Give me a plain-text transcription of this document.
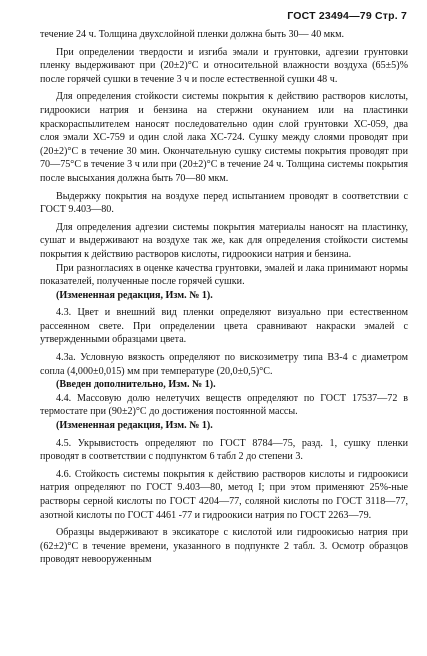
ГОСТ 23494—79 Стр. 7

течение 24 ч. Толщина двухслойной пленки должна быть 30— 40 мкм.

При определении твердости и изгиба эмали и грунтовки, адгезии грунтовки пленку выдерживают при (20±2)°С и относительной влажности воздуха (65±5)% после горячей сушки в течение 3 ч и после естественной сушки 48 ч.

Для определения стойкости системы покрытия к действию растворов кислоты, гидроокиси натрия и бензина на стержни окунанием или на пластинки краскораспылителем наносят последовательно один слой грунтовки ХС-059, два слоя эмали ХС-759 и один слой лака ХС-724. Сушку между слоями проводят при (20±2)°С в течение 30 мин. Окончательную сушку системы покрытия проводят при 70—75°С в течение 3 ч или при (20±2)°С в течение 24 ч. Толщина системы покрытия после высыхания должна быть 70—80 мкм.

Выдержку покрытия на воздухе перед испытанием проводят в соответствии с ГОСТ 9.403—80.

Для определения адгезии системы покрытия материалы наносят на пластинку, сушат и выдерживают на воздухе так же, как для определения стойкости системы покрытия к действию растворов кислоты, гидроокиси натрия и бензина.

При разногласиях в оценке качества грунтовки, эмалей и лака принимают нормы показателей, полученные после горячей сушки.

(Измененная редакция, Изм. № 1).

4.3. Цвет и внешний вид пленки определяют визуально при естественном рассеянном свете. При определении цвета сравнивают накраски эмалей с утвержденными образцами цвета.

4.3а. Условную вязкость определяют по вискозиметру типа ВЗ-4 с диаметром сопла (4,000±0,015) мм при температуре (20,0±0,5)°С.

(Введен дополнительно, Изм. № 1).

4.4. Массовую долю нелетучих веществ определяют по ГОСТ 17537—72 в термостате при (90±2)°С до достижения постоянной массы.

(Измененная редакция, Изм. № 1).

4.5. Укрывистость определяют по ГОСТ 8784—75, разд. 1, сушку пленки проводят в соответствии с подпунктом 6 табл 2 до степени 3.

4.6. Стойкость системы покрытия к действию растворов кислоты и гидроокиси натрия определяют по ГОСТ 9.403—80, метод I; при этом применяют 25%-ные растворы серной кислоты по ГОСТ 4204—77, соляной кислоты по ГОСТ 3118—77, азотной кислоты по ГОСТ 4461 -77 и гидроокиси натрия по ГОСТ 2263—79.

Образцы выдерживают в эксикаторе с кислотой или гидроокисью натрия при (62±2)°С в течение времени, указанного в подпункте 2 табл. 3. Осмотр образцов проводят невооруженным
